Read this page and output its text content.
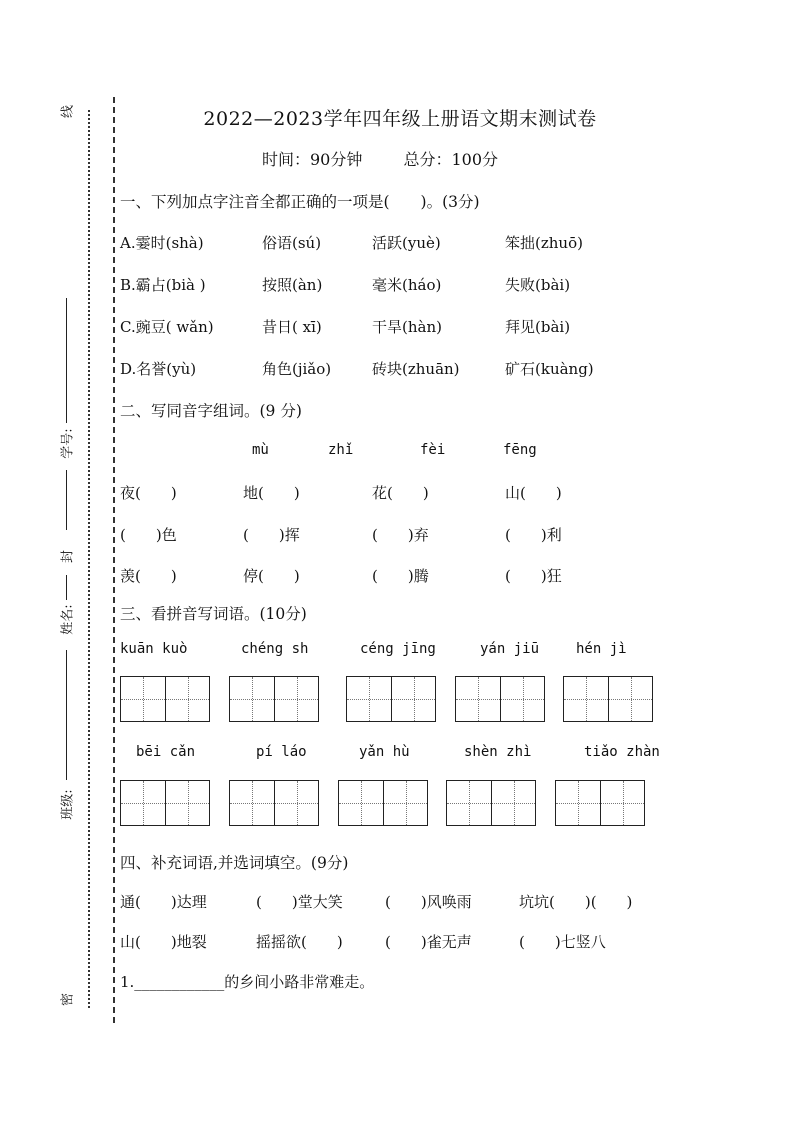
线
学号:
封
姓名:
班级:
密
2022—2023学年四年级上册语文期末测试卷
时间：90分钟	总分：100分
一、下列加点字注音全都正确的一项是(　　)。(3分)
A.霎时(shà)	俗语(sú)	活跃(yuè)	笨拙(zhuō)
B.霸占(bià )	按照(àn)	毫米(háo)	失败(bài)
C.豌豆( wǎn)	昔日( xī)	干旱(hàn)	拜见(bài)
D.名誉(yù)	角色(jiǎo)	砖块(zhuān)	矿石(kuàng)
二、写同音字组词。(9 分)
mù	zhǐ	fèi	fēng
夜(　　)	地(　　)	花(　　)	山(　　)
(　　)色	(　　)挥	(　　)弃	(　　)利
羡(　　)	停(　　)	(　　)腾	(　　)狂
三、看拼音写词语。(10分)
kuān kuò	chéng sh	céng jīng	yán jiū	hén jì
bēi cǎn	pí láo	yǎn hù	shèn zhì	tiǎo zhàn
四、补充词语,并选词填空。(9分)
通(　　)达理	(　　)堂大笑	(　　)风唤雨	坑坑(　　)(　　)
山(　　)地裂	摇摇欲(　　)	(　　)雀无声	(　　)七竖八
1.____________的乡间小路非常难走。
